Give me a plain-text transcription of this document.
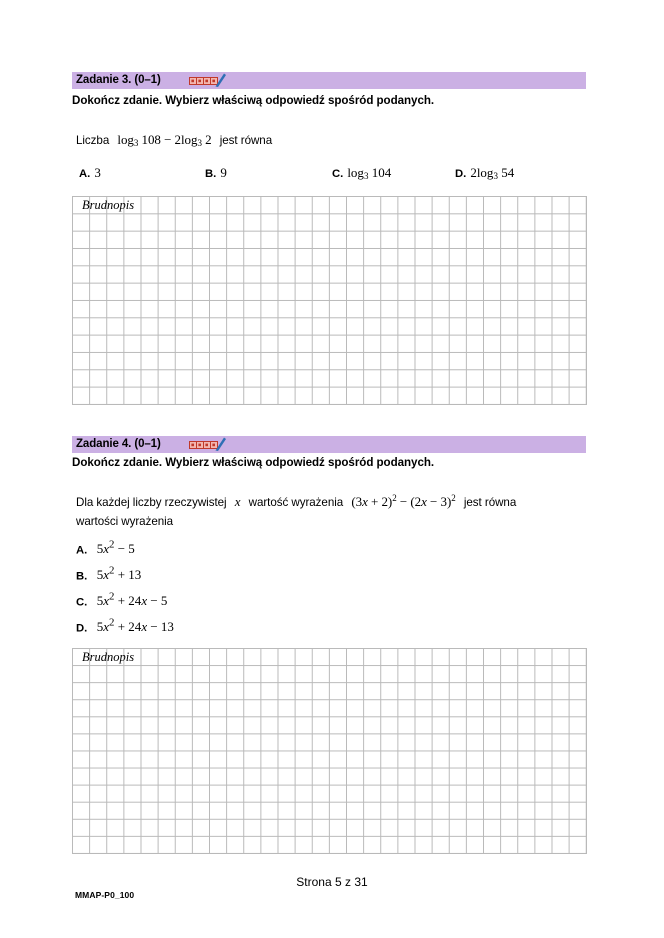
Zadanie 3. (0–1)
Dokończ zdanie. Wybierz właściwą odpowiedź spośród podanych.
Liczba $\log_3 108 - 2\log_3$ 2 jest równa
A. 3	B. 9	C. $\log_3 104$	D. $2\log_3$ 54
Brudnopis
Zadanie 4. (0–1)
Dokończ zdanie. Wybierz właściwą odpowiedź spośród podanych.
Dla każdej liczby rzeczywistej x wartość wyrażenia $(3x + 2)^2 - (2x - 3)^2$ jest równa
wartości wyrażenia
A. $5x^2 - 5$
B. $5x^2 + 13$
C. $5x^2 + 24x - 5$
D. $5x^2 + 24x - 13$
Brudnopis
Strona 5 z 31
MMAP-P0_100
